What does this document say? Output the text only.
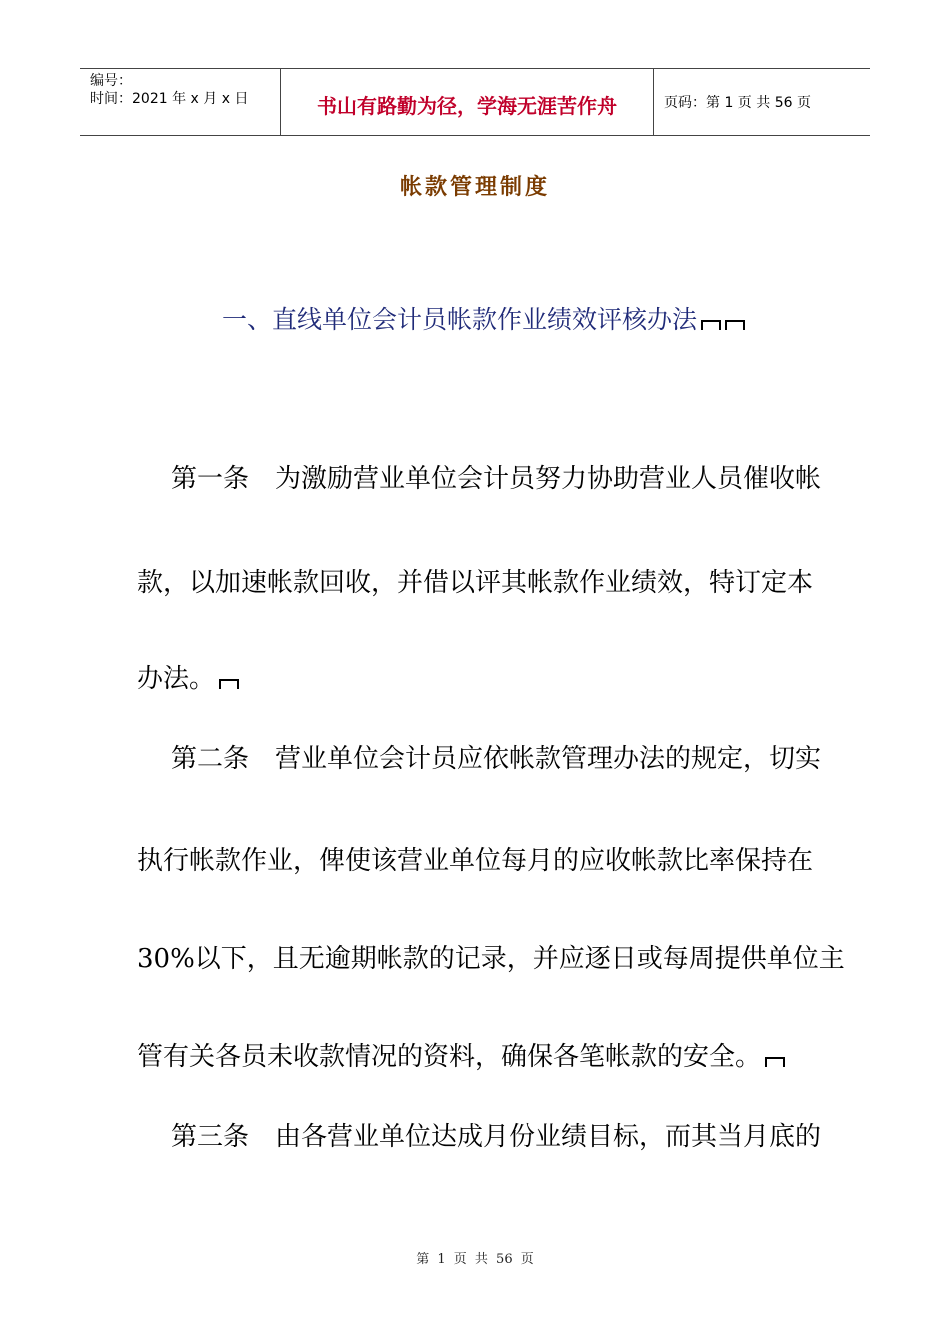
编号：
时间：2021 年 x 月 x 日	书山有路勤为径，学海无涯苦作舟	页码：第 1 页 共 56 页
帐款管理制度
一、直线单位会计员帐款作业绩效评核办法
第一条 为激励营业单位会计员努力协助营业人员催收帐
款，以加速帐款回收，并借以评其帐款作业绩效，特订定本
办法。
第二条 营业单位会计员应依帐款管理办法的规定，切实
执行帐款作业，俾使该营业单位每月的应收帐款比率保持在
30%以下，且无逾期帐款的记录，并应逐日或每周提供单位主
管有关各员未收款情况的资料，确保各笔帐款的安全。
第三条 由各营业单位达成月份业绩目标，而其当月底的
第 1 页 共 56 页
